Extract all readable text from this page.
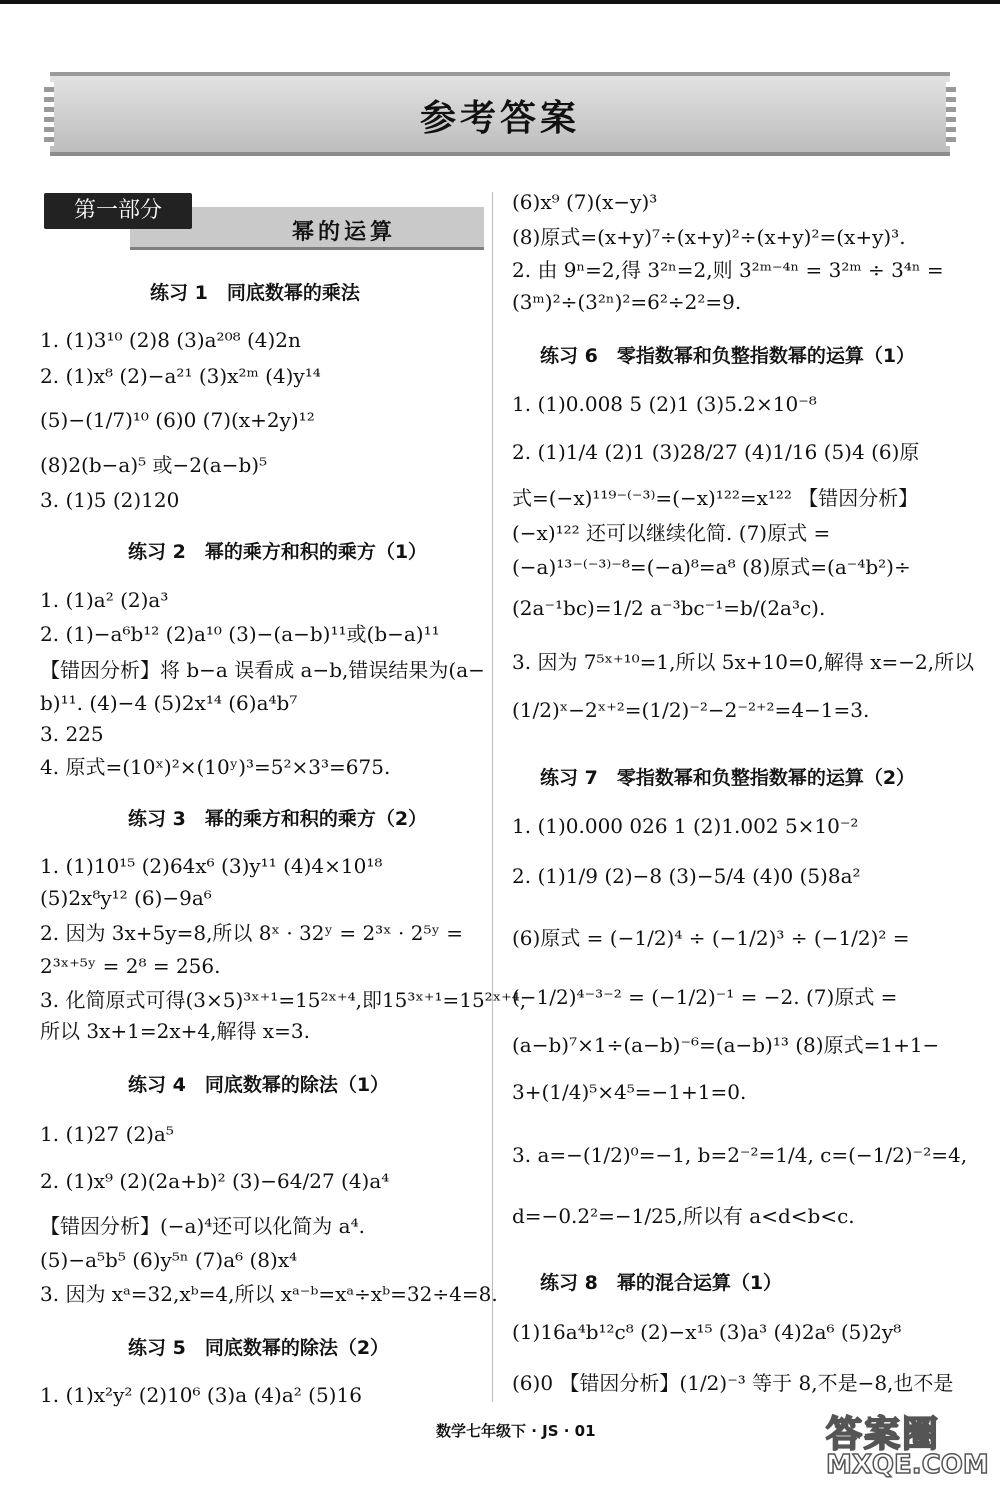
参考答案
幂的运算
第一部分
练习 1　同底数幂的乘法
1. (1)3¹⁰ (2)8 (3)a²⁰⁸ (4)2n
2. (1)x⁸ (2)−a²¹ (3)x²ᵐ (4)y¹⁴
(5)−(1/7)¹⁰ (6)0 (7)(x+2y)¹²
(8)2(b−a)⁵ 或−2(a−b)⁵
3. (1)5 (2)120
练习 2　幂的乘方和积的乘方（1）
1. (1)a² (2)a³
2. (1)−a⁶b¹² (2)a¹⁰ (3)−(a−b)¹¹或(b−a)¹¹
【错因分析】将 b−a 误看成 a−b,错误结果为(a−
b)¹¹. (4)−4 (5)2x¹⁴ (6)a⁴b⁷
3. 225
4. 原式=(10ˣ)²×(10ʸ)³=5²×3³=675.
练习 3　幂的乘方和积的乘方（2）
1. (1)10¹⁵ (2)64x⁶ (3)y¹¹ (4)4×10¹⁸
(5)2x⁸y¹² (6)−9a⁶
2. 因为 3x+5y=8,所以 8ˣ · 32ʸ = 2³ˣ · 2⁵ʸ =
2³ˣ⁺⁵ʸ = 2⁸ = 256.
3. 化简原式可得(3×5)³ˣ⁺¹=15²ˣ⁺⁴,即15³ˣ⁺¹=15²ˣ⁺⁴,
所以 3x+1=2x+4,解得 x=3.
练习 4　同底数幂的除法（1）
1. (1)27 (2)a⁵
2. (1)x⁹ (2)(2a+b)² (3)−64/27 (4)a⁴
【错因分析】(−a)⁴还可以化简为 a⁴.
(5)−a⁵b⁵ (6)y⁵ⁿ (7)a⁶ (8)x⁴
3. 因为 xᵃ=32,xᵇ=4,所以 xᵃ⁻ᵇ=xᵃ÷xᵇ=32÷4=8.
练习 5　同底数幂的除法（2）
1. (1)x²y² (2)10⁶ (3)a (4)a² (5)16
(6)x⁹ (7)(x−y)³
(8)原式=(x+y)⁷÷(x+y)²÷(x+y)²=(x+y)³.
2. 由 9ⁿ=2,得 3²ⁿ=2,则 3²ᵐ⁻⁴ⁿ = 3²ᵐ ÷ 3⁴ⁿ =
(3ᵐ)²÷(3²ⁿ)²=6²÷2²=9.
练习 6　零指数幂和负整指数幂的运算（1）
1. (1)0.008 5 (2)1 (3)5.2×10⁻⁸
2. (1)1/4 (2)1 (3)28/27 (4)1/16 (5)4 (6)原
式=(−x)¹¹⁹⁻⁽⁻³⁾=(−x)¹²²=x¹²² 【错因分析】
(−x)¹²² 还可以继续化简. (7)原式 =
(−a)¹³⁻⁽⁻³⁾⁻⁸=(−a)⁸=a⁸ (8)原式=(a⁻⁴b²)÷
(2a⁻¹bc)=1/2 a⁻³bc⁻¹=b/(2a³c).
3. 因为 7⁵ˣ⁺¹⁰=1,所以 5x+10=0,解得 x=−2,所以
(1/2)ˣ−2ˣ⁺²=(1/2)⁻²−2⁻²⁺²=4−1=3.
练习 7　零指数幂和负整指数幂的运算（2）
1. (1)0.000 026 1 (2)1.002 5×10⁻²
2. (1)1/9 (2)−8 (3)−5/4 (4)0 (5)8a²
(6)原式 = (−1/2)⁴ ÷ (−1/2)³ ÷ (−1/2)² =
(−1/2)⁴⁻³⁻² = (−1/2)⁻¹ = −2. (7)原式 =
(a−b)⁷×1÷(a−b)⁻⁶=(a−b)¹³ (8)原式=1+1−
3+(1/4)⁵×4⁵=−1+1=0.
3. a=−(1/2)⁰=−1, b=2⁻²=1/4, c=(−1/2)⁻²=4,
d=−0.2²=−1/25,所以有 a<d<b<c.
练习 8　幂的混合运算（1）
(1)16a⁴b¹²c⁸ (2)−x¹⁵ (3)a³ (4)2a⁶ (5)2y⁸
(6)0 【错因分析】(1/2)⁻³ 等于 8,不是−8,也不是
数学七年级下 · JS · 01	答案圈
MXQE.COM
